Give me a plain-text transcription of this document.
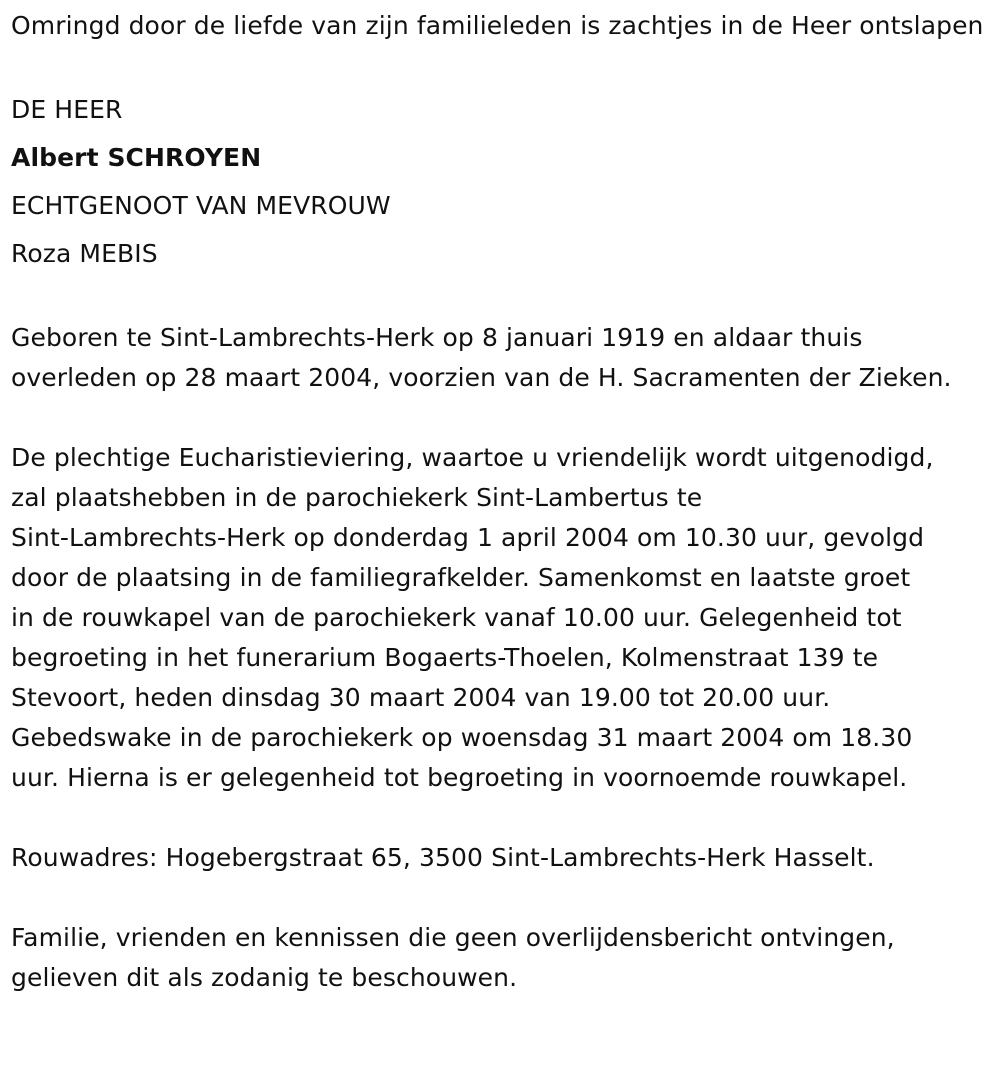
Omringd door de liefde van zijn familieleden is zachtjes in de Heer ontslapen

DE HEER

Albert SCHROYEN

ECHTGENOOT VAN MEVROUW

Roza MEBIS

Geboren te Sint-Lambrechts-Herk op 8 januari 1919 en aldaar thuis overleden op 28 maart 2004, voorzien van de H. Sacramenten der Zieken.

De plechtige Eucharistieviering, waartoe u vriendelijk wordt uitgenodigd,

zal plaatshebben in de parochiekerk Sint-Lambertus te

Sint-Lambrechts-Herk op donderdag 1 april 2004 om 10.30 uur, gevolgd

door de plaatsing in de familiegrafkelder. Samenkomst en laatste groet

in de rouwkapel van de parochiekerk vanaf 10.00 uur. Gelegenheid tot

begroeting in het funerarium Bogaerts-Thoelen, Kolmenstraat 139 te

Stevoort, heden dinsdag 30 maart 2004 van 19.00 tot 20.00 uur.

Gebedswake in de parochiekerk op woensdag 31 maart 2004 om 18.30

uur. Hierna is er gelegenheid tot begroeting in voornoemde rouwkapel.

Rouwadres: Hogebergstraat 65, 3500 Sint-Lambrechts-Herk Hasselt.

Familie, vrienden en kennissen die geen overlijdensbericht ontvingen, gelieven dit als zodanig te beschouwen.
